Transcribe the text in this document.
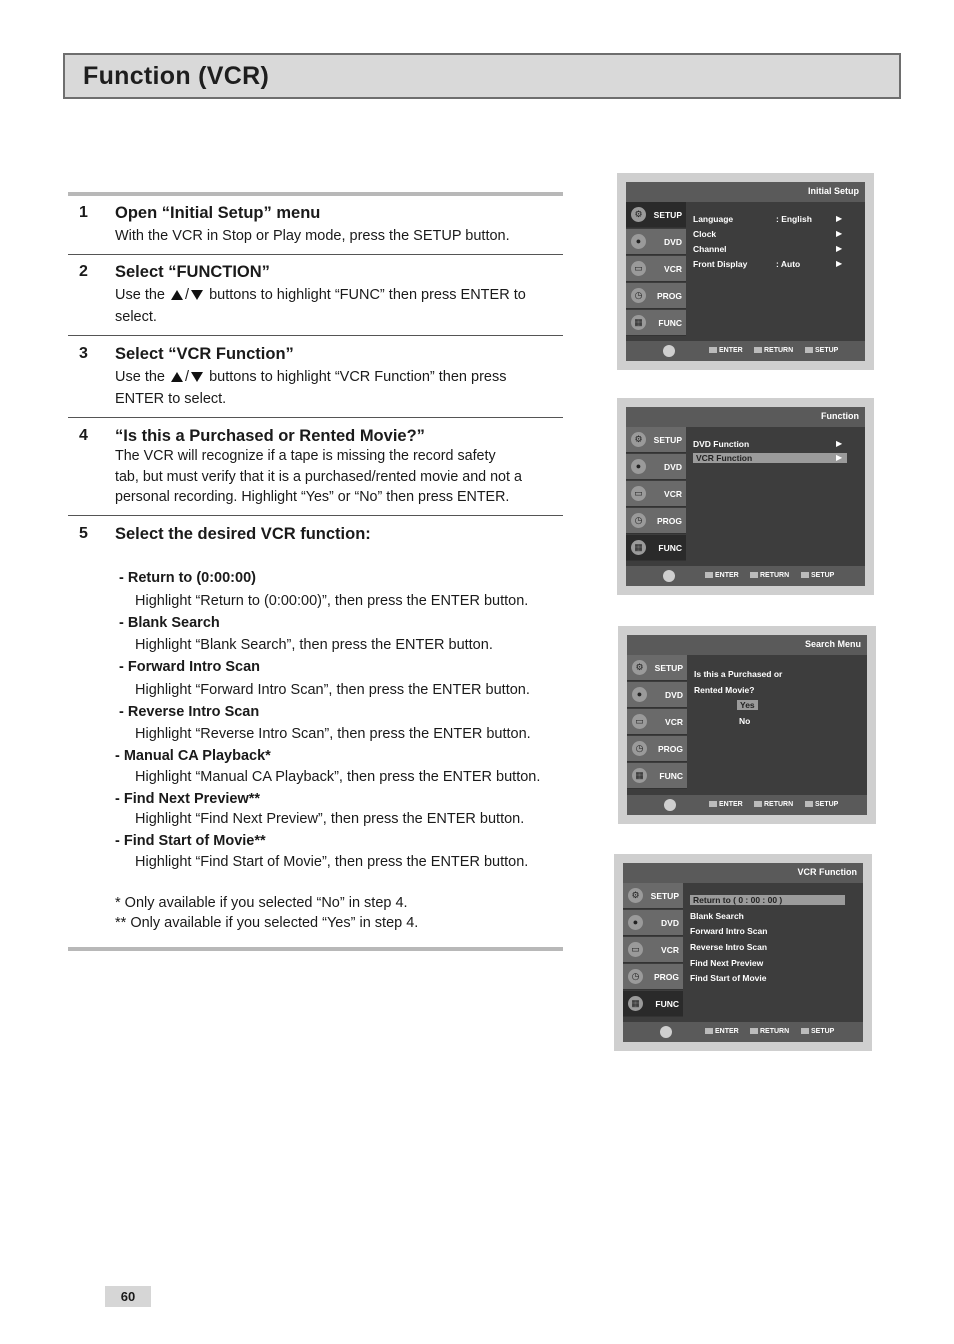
Function (VCR)
1 Open “Initial Setup” menu
With the VCR in Stop or Play mode, press the SETUP button.
2 Select “FUNCTION”
Use the / buttons to highlight “FUNC” then press ENTER to
select.
3 Select “VCR Function”
Use the / buttons to highlight “VCR Function” then press
ENTER to select.
4 “Is this a Purchased or Rented Movie?”
The VCR will recognize if a tape is missing the record safety
tab, but must verify that it is a purchased/rented movie and not a
personal recording. Highlight “Yes” or “No” then press ENTER.
5 Select the desired VCR function:
- Return to (0:00:00)
Highlight “Return to (0:00:00)”, then press the ENTER button.
- Blank Search
Highlight “Blank Search”, then press the ENTER button.
- Forward Intro Scan
Highlight “Forward Intro Scan”, then press the ENTER button.
- Reverse Intro Scan
Highlight “Reverse Intro Scan”, then press the ENTER button.
- Manual CA Playback*
Highlight “Manual CA Playback”, then press the ENTER button.
- Find Next Preview**
Highlight “Find Next Preview”, then press the ENTER button.
- Find Start of Movie**
Highlight “Find Start of Movie”, then press the ENTER button.
* Only available if you selected “No” in step 4.
** Only available if you selected “Yes” in step 4.
60
Initial Setup
⚙	SETUP
●	DVD
▭	VCR
◷	PROG
▦	FUNC
Language	: English	▶
Clock	▶
Channel	▶
Front Display	: Auto	▶
ENTER	RETURN	SETUP
Function
⚙	SETUP
●	DVD
▭	VCR
◷	PROG
▦	FUNC
DVD Function	▶
VCR Function	▶
ENTER	RETURN	SETUP
Search Menu
⚙	SETUP
●	DVD
▭	VCR
◷	PROG
▦	FUNC
Is this a Purchased or
Rented Movie?
Yes
No
ENTER	RETURN	SETUP
VCR Function
⚙	SETUP
●	DVD
▭	VCR
◷	PROG
▦	FUNC
Return to ( 0 : 00 : 00 )
Blank Search
Forward Intro Scan
Reverse Intro Scan
Find Next Preview
Find Start of Movie
ENTER	RETURN	SETUP
